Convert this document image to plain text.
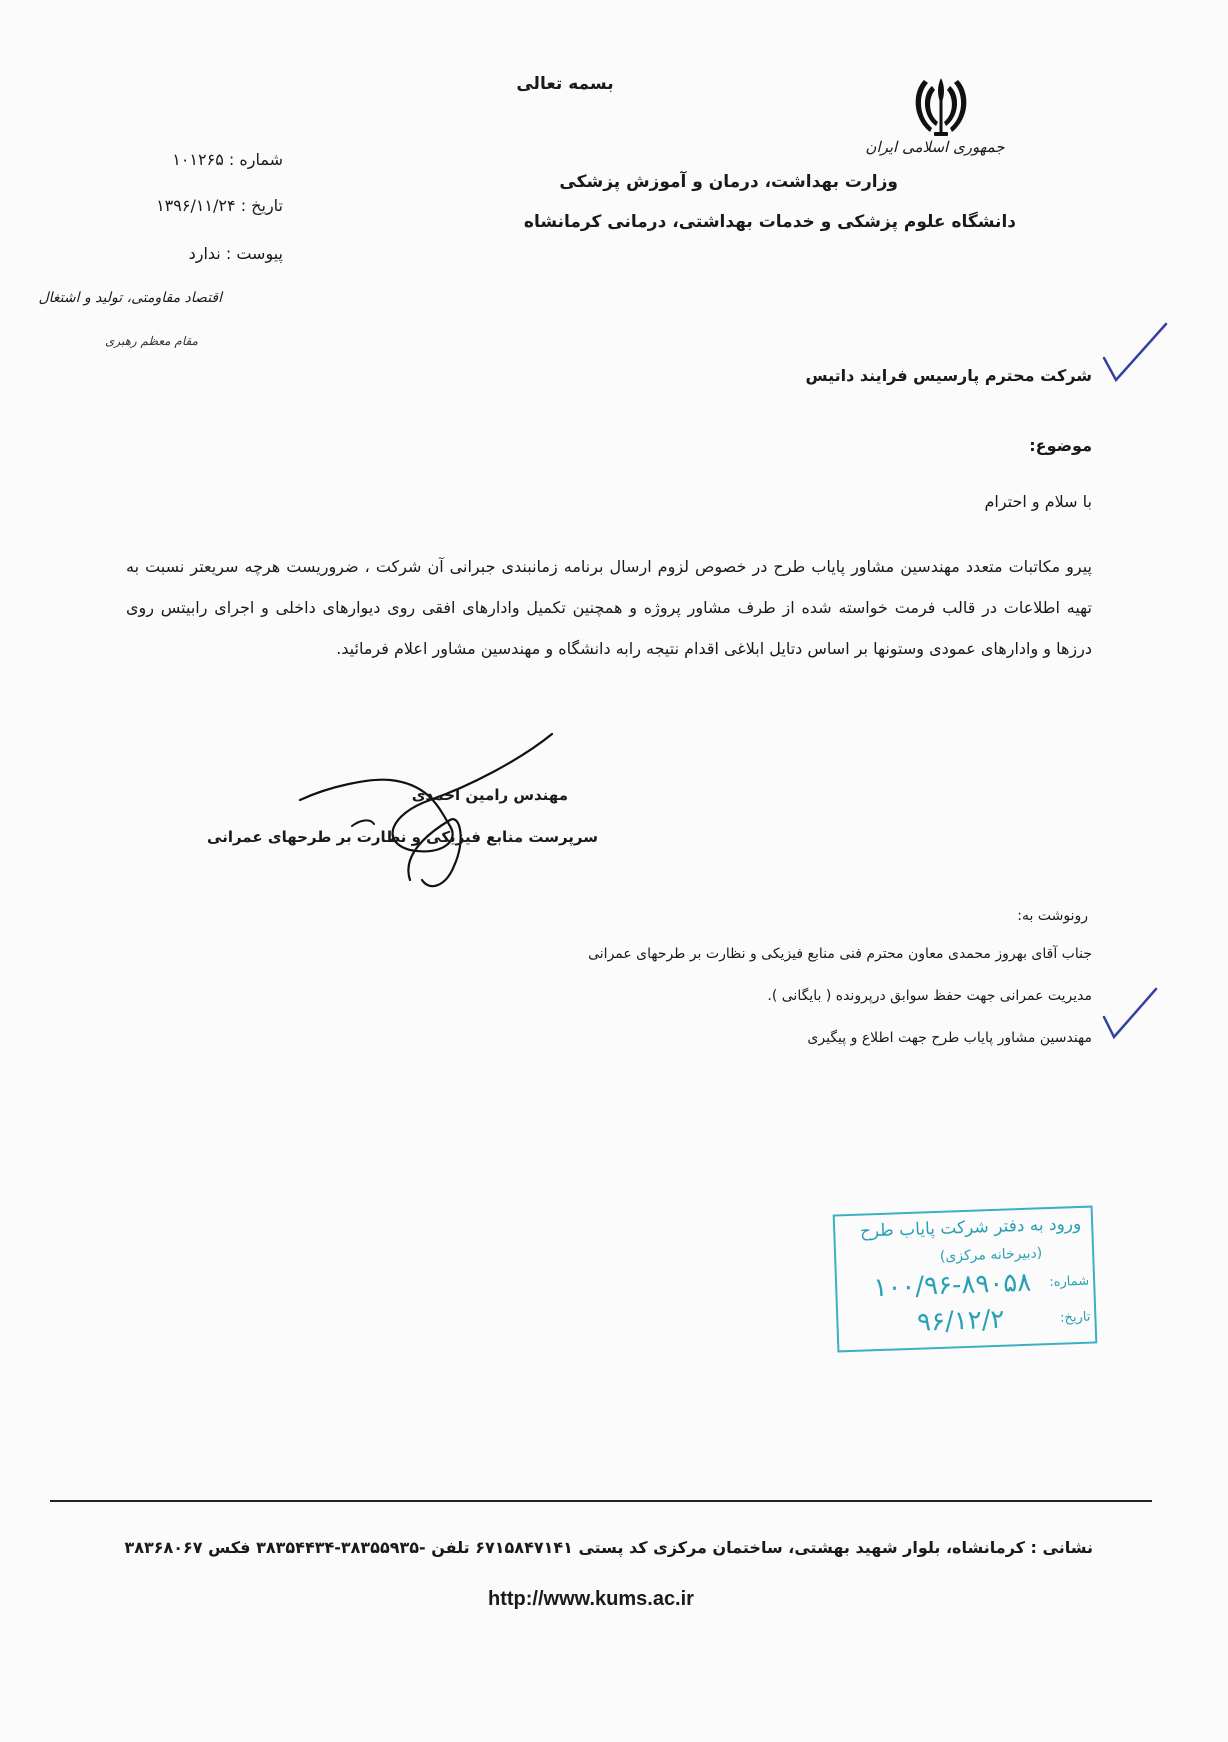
بسمه تعالی
جمهوری اسلامی ایران
وزارت بهداشت، درمان و آموزش پزشکی
دانشگاه علوم پزشکی و خدمات بهداشتی، درمانی کرمانشاه
شماره : ۱۰۱۲۶۵
تاریخ : ۱۳۹۶/۱۱/۲۴
پیوست : ندارد
اقتصاد مقاومتی، تولید و اشتغال
مقام معظم رهبری
شرکت محترم پارسیس فرایند داتیس
موضوع:
با سلام و احترام
پیرو مکاتبات متعدد مهندسین مشاور پایاب طرح در خصوص لزوم ارسال برنامه زمانبندی جبرانی آن شرکت ، ضروریست هرچه سریعتر نسبت به تهیه اطلاعات در قالب فرمت خواسته شده از طرف مشاور پروژه و همچنین تکمیل وادارهای افقی روی دیوارهای داخلی و اجرای رابیتس روی درزها و وادارهای عمودی وستونها بر اساس دتایل ابلاغی اقدام نتیجه رابه دانشگاه و مهندسین مشاور اعلام فرمائید.
مهندس رامین احمدی
سرپرست منابع فیزیکی و نظارت بر طرحهای عمرانی
رونوشت به:
جناب آقای بهروز محمدی معاون محترم فنی منابع فیزیکی و نظارت بر طرحهای عمرانی
مدیریت عمرانی جهت حفظ سوابق درپرونده ( بایگانی ).
مهندسین مشاور پایاب طرح جهت اطلاع و پیگیری
ورود به دفتر شرکت پایاب طرح
(دبیرخانه مرکزی)
شماره:
۱۰۰/۹۶-۸۹۰۵۸
تاریخ:
۹۶/۱۲/۲
نشانی : کرمانشاه، بلوار شهید بهشتی، ساختمان مرکزی کد پستی ۶۷۱۵۸۴۷۱۴۱ تلفن -۳۸۳۵۵۹۳۵-۳۸۳۵۴۴۳۴ فکس ۳۸۳۶۸۰۶۷
http://www.kums.ac.ir
